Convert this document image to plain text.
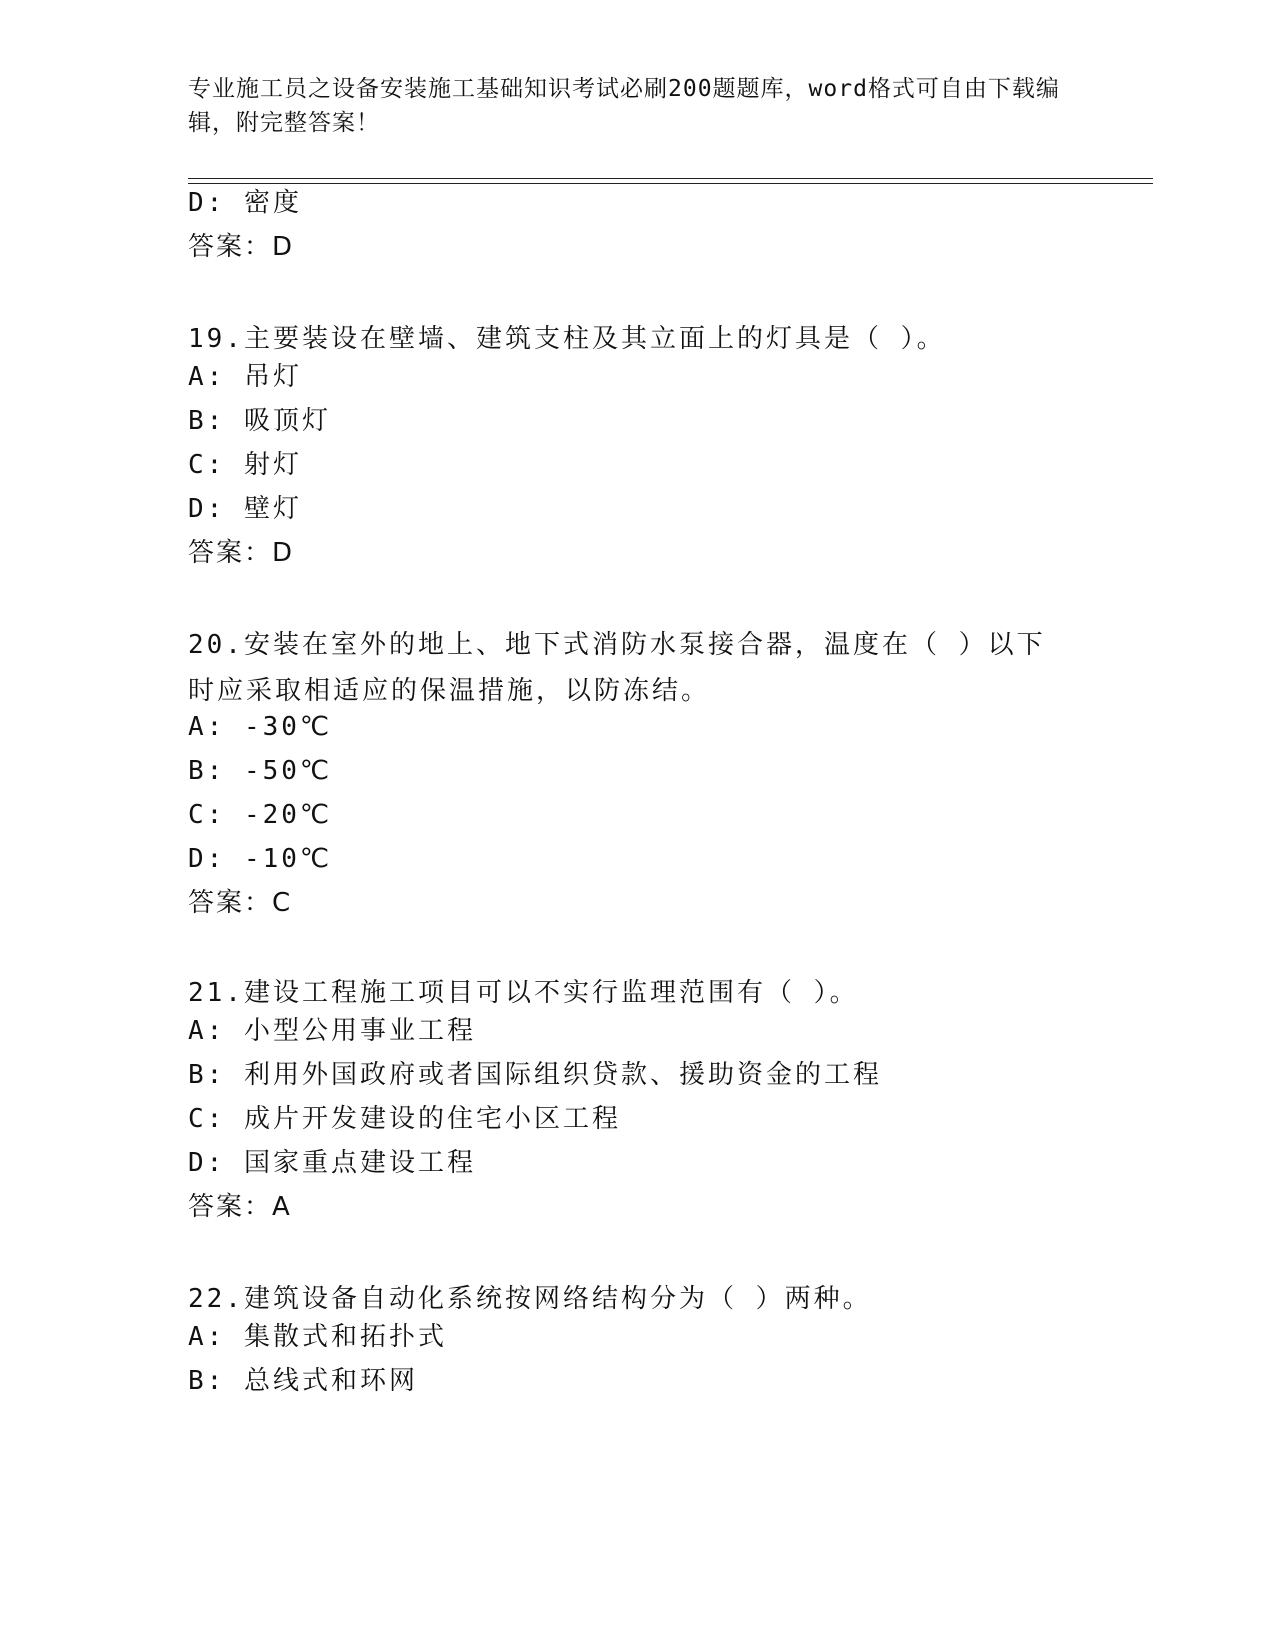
专业施工员之设备安装施工基础知识考试必刷200题题库，word格式可自由下载编辑，附完整答案！
D: 密度
答案：D
19.主要装设在壁墙、建筑支柱及其立面上的灯具是（ ）。
A: 吊灯
B: 吸顶灯
C: 射灯
D: 壁灯
答案：D
20.安装在室外的地上、地下式消防水泵接合器，温度在（ ）以下时应采取相适应的保温措施，以防冻结。
A: -30℃
B: -50℃
C: -20℃
D: -10℃
答案：C
21.建设工程施工项目可以不实行监理范围有（ ）。
A: 小型公用事业工程
B: 利用外国政府或者国际组织贷款、援助资金的工程
C: 成片开发建设的住宅小区工程
D: 国家重点建设工程
答案：A
22.建筑设备自动化系统按网络结构分为（ ）两种。
A: 集散式和拓扑式
B: 总线式和环网
